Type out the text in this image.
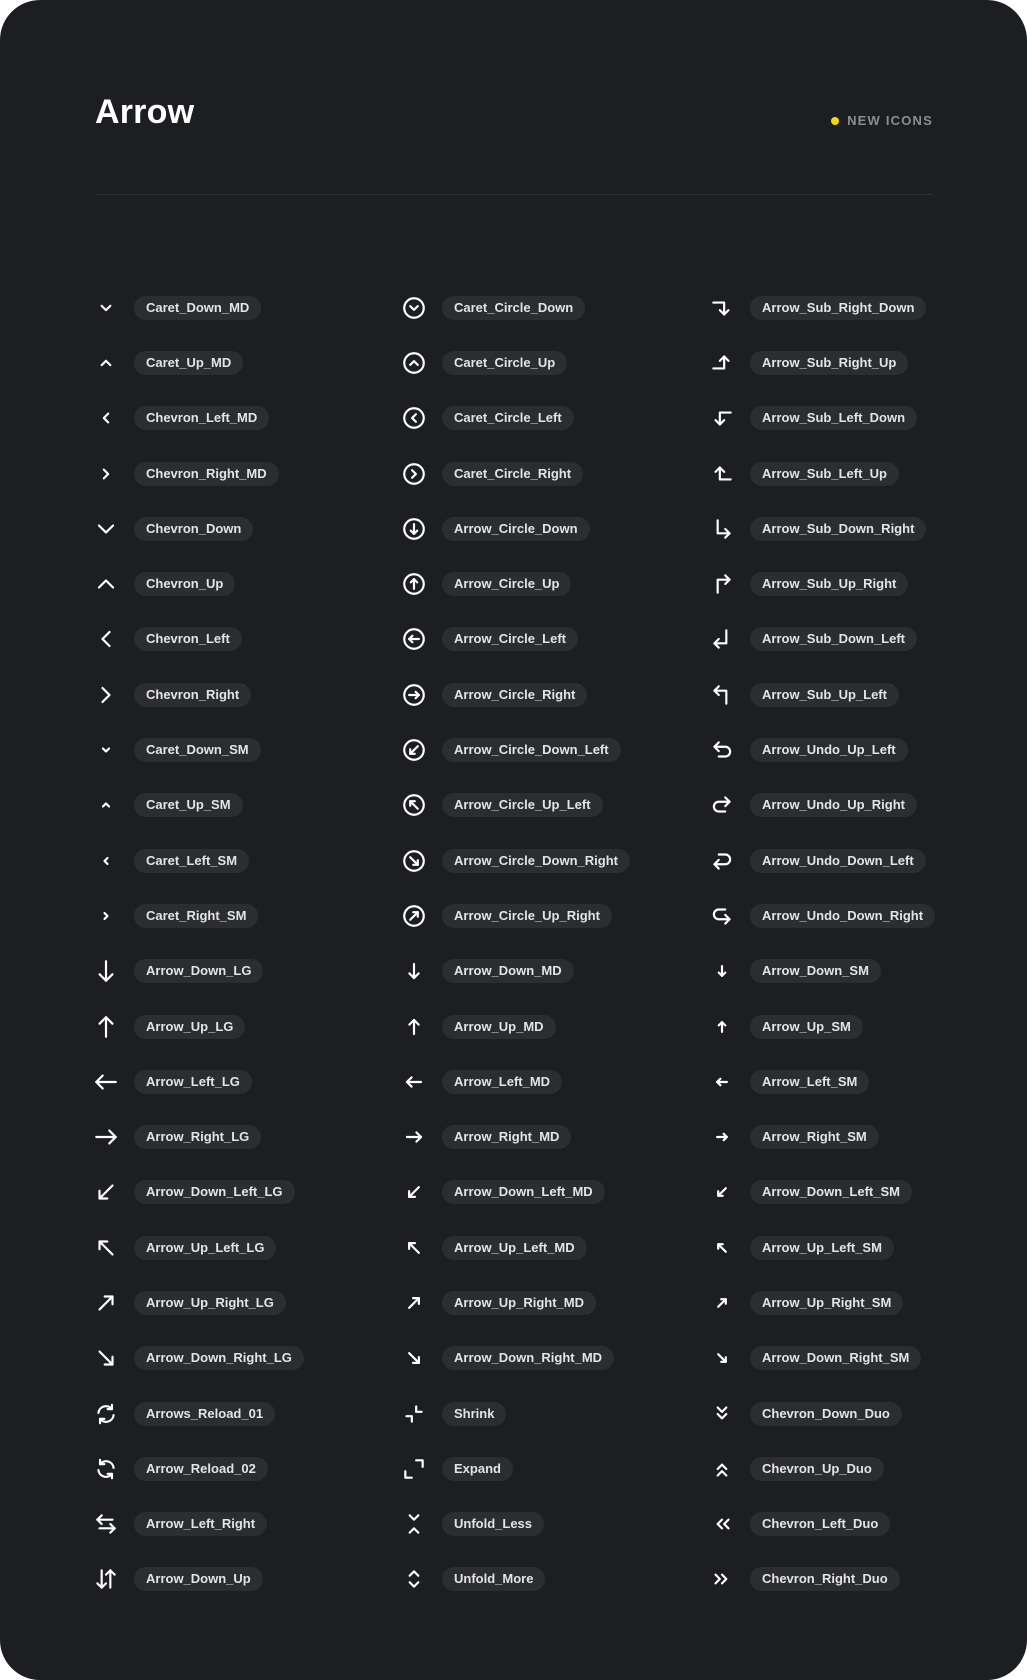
Arrow	NEW ICONS
Caret_Down_MD
Caret_Up_MD
Chevron_Left_MD
Chevron_Right_MD
Chevron_Down
Chevron_Up
Chevron_Left
Chevron_Right
Caret_Down_SM
Caret_Up_SM
Caret_Left_SM
Caret_Right_SM
Arrow_Down_LG
Arrow_Up_LG
Arrow_Left_LG
Arrow_Right_LG
Arrow_Down_Left_LG
Arrow_Up_Left_LG
Arrow_Up_Right_LG
Arrow_Down_Right_LG
Arrows_Reload_01
Arrow_Reload_02
Arrow_Left_Right
Arrow_Down_Up
Caret_Circle_Down
Caret_Circle_Up
Caret_Circle_Left
Caret_Circle_Right
Arrow_Circle_Down
Arrow_Circle_Up
Arrow_Circle_Left
Arrow_Circle_Right
Arrow_Circle_Down_Left
Arrow_Circle_Up_Left
Arrow_Circle_Down_Right
Arrow_Circle_Up_Right
Arrow_Down_MD
Arrow_Up_MD
Arrow_Left_MD
Arrow_Right_MD
Arrow_Down_Left_MD
Arrow_Up_Left_MD
Arrow_Up_Right_MD
Arrow_Down_Right_MD
Shrink
Expand
Unfold_Less
Unfold_More
Arrow_Sub_Right_Down
Arrow_Sub_Right_Up
Arrow_Sub_Left_Down
Arrow_Sub_Left_Up
Arrow_Sub_Down_Right
Arrow_Sub_Up_Right
Arrow_Sub_Down_Left
Arrow_Sub_Up_Left
Arrow_Undo_Up_Left
Arrow_Undo_Up_Right
Arrow_Undo_Down_Left
Arrow_Undo_Down_Right
Arrow_Down_SM
Arrow_Up_SM
Arrow_Left_SM
Arrow_Right_SM
Arrow_Down_Left_SM
Arrow_Up_Left_SM
Arrow_Up_Right_SM
Arrow_Down_Right_SM
Chevron_Down_Duo
Chevron_Up_Duo
Chevron_Left_Duo
Chevron_Right_Duo
